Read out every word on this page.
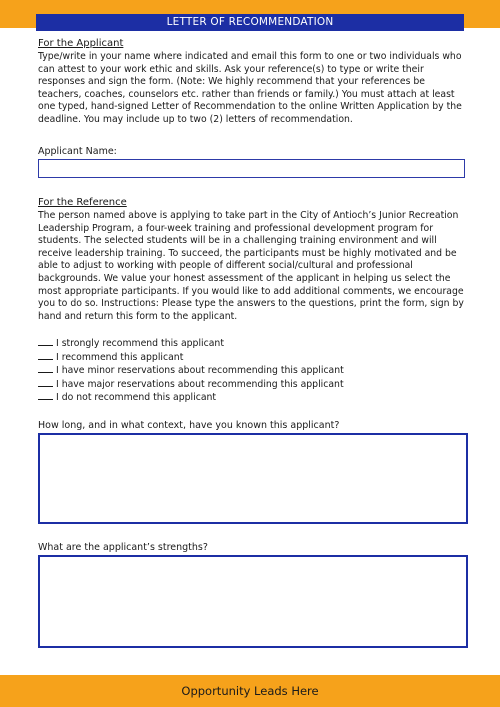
LETTER OF RECOMMENDATION
For the Applicant

Type/write in your name where indicated and email this form to one or two individuals who can attest to your work ethic and skills. Ask your reference(s) to type or write their responses and sign the form. (Note: We highly recommend that your references be teachers, coaches, counselors etc. rather than friends or family.) You must attach at least one typed, hand-signed Letter of Recommendation to the online Written Application by the deadline. You may include up to two (2) letters of recommendation.

Applicant Name:
For the Reference

The person named above is applying to take part in the City of Antioch’s Junior Recreation Leadership Program, a four-week training and professional development program for students. The selected students will be in a challenging training environment and will receive leadership training. To succeed, the participants must be highly motivated and be able to adjust to working with people of different social/cultural and professional backgrounds. We value your honest assessment of the applicant in helping us select the most appropriate participants. If you would like to add additional comments, we encourage you to do so. Instructions: Please type the answers to the questions, print the form, sign by hand and return this form to the applicant.

I strongly recommend this applicant
I recommend this applicant
I have minor reservations about recommending this applicant
I have major reservations about recommending this applicant
I do not recommend this applicant
How long, and in what context, have you known this applicant?
What are the applicant’s strengths?
Opportunity Leads Here
